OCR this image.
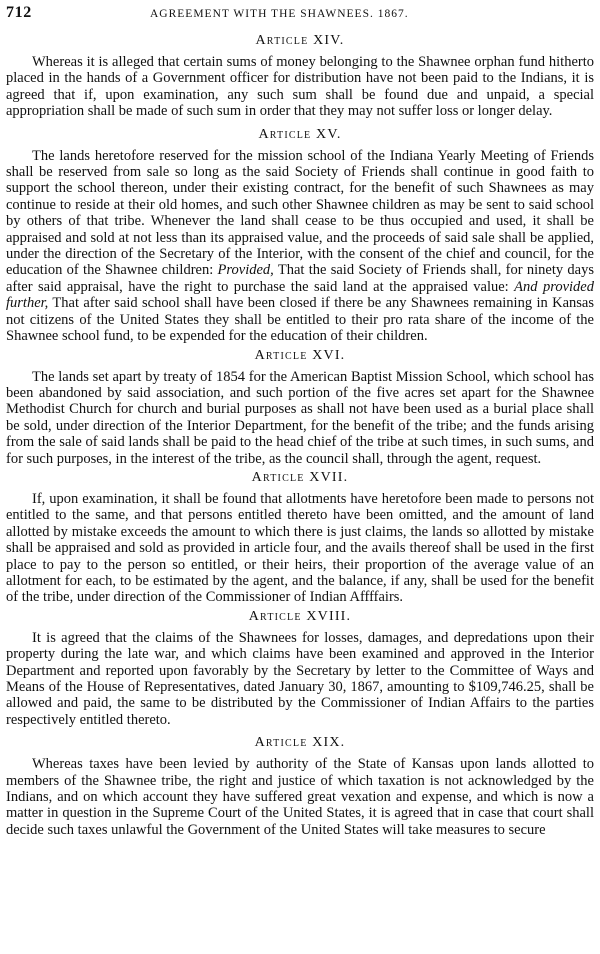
712	AGREEMENT WITH THE SHAWNEES. 1867.
Article XIV.

Whereas it is alleged that certain sums of money belonging to the Shawnee orphan fund hitherto placed in the hands of a Government officer for distribution have not been paid to the Indians, it is agreed that if, upon examination, any such sum shall be found due and unpaid, a special appropriation shall be made of such sum in order that they may not suffer loss or longer delay.

Article XV.

The lands heretofore reserved for the mission school of the Indiana Yearly Meeting of Friends shall be reserved from sale so long as the said Society of Friends shall continue in good faith to support the school thereon, under their existing contract, for the benefit of such Shawnees as may continue to reside at their old homes, and such other Shawnee children as may be sent to said school by others of that tribe. Whenever the land shall cease to be thus occupied and used, it shall be appraised and sold at not less than its appraised value, and the proceeds of said sale shall be applied, under the direction of the Secretary of the Interior, with the consent of the chief and council, for the education of the Shawnee children: Provided, That the said Society of Friends shall, for ninety days after said appraisal, have the right to purchase the said land at the appraised value: And provided further, That after said school shall have been closed if there be any Shawnees remaining in Kansas not citizens of the United States they shall be entitled to their pro rata share of the income of the Shawnee school fund, to be expended for the education of their children.

Article XVI.

The lands set apart by treaty of 1854 for the American Baptist Mission School, which school has been abandoned by said association, and such portion of the five acres set apart for the Shawnee Methodist Church for church and burial purposes as shall not have been used as a burial place shall be sold, under direction of the Interior Department, for the benefit of the tribe; and the funds arising from the sale of said lands shall be paid to the head chief of the tribe at such times, in such sums, and for such purposes, in the interest of the tribe, as the council shall, through the agent, request.

Article XVII.

If, upon examination, it shall be found that allotments have heretofore been made to persons not entitled to the same, and that persons entitled thereto have been omitted, and the amount of land allotted by mistake exceeds the amount to which there is just claims, the lands so allotted by mistake shall be appraised and sold as provided in article four, and the avails thereof shall be used in the first place to pay to the person so entitled, or their heirs, their proportion of the average value of an allotment for each, to be estimated by the agent, and the balance, if any, shall be used for the benefit of the tribe, under direction of the Commissioner of Indian Affffairs.

Article XVIII.

It is agreed that the claims of the Shawnees for losses, damages, and depredations upon their property during the late war, and which claims have been examined and approved in the Interior Department and reported upon favorably by the Secretary by letter to the Committee of Ways and Means of the House of Representatives, dated January 30, 1867, amounting to $109,746.25, shall be allowed and paid, the same to be distributed by the Commissioner of Indian Affairs to the parties respectively entitled thereto.

Article XIX.

Whereas taxes have been levied by authority of the State of Kansas upon lands allotted to members of the Shawnee tribe, the right and justice of which taxation is not acknowledged by the Indians, and on which account they have suffered great vexation and expense, and which is now a matter in question in the Supreme Court of the United States, it is agreed that in case that court shall decide such taxes unlawful the Government of the United States will take measures to secure
